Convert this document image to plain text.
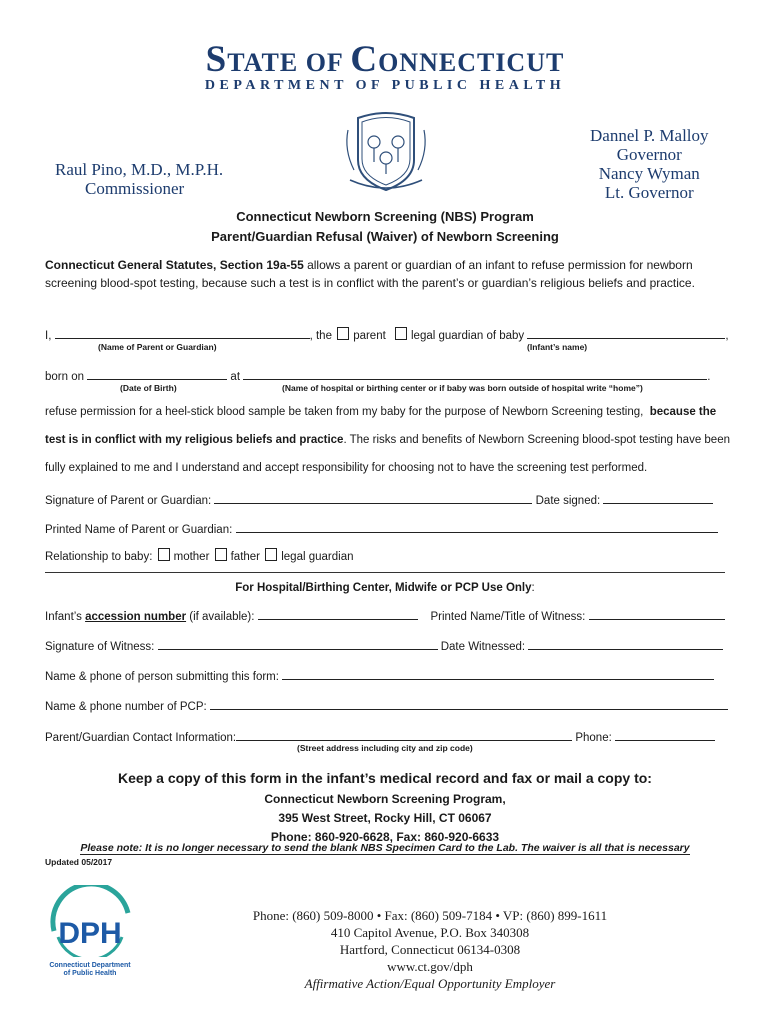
STATE OF CONNECTICUT
DEPARTMENT OF PUBLIC HEALTH
Raul Pino, M.D., M.P.H.
Commissioner
Dannel P. Malloy
Governor
Nancy Wyman
Lt. Governor
Connecticut Newborn Screening (NBS) Program
Parent/Guardian Refusal (Waiver) of Newborn Screening
Connecticut General Statutes, Section 19a-55 allows a parent or guardian of an infant to refuse permission for newborn screening blood-spot testing, because such a test is in conflict with the parent’s or guardian’s religious beliefs and practice.
I,	, the parent legal guardian of baby	,
(Name of Parent or Guardian)	(Infant’s name)
born on	at	.
(Date of Birth)	(Name of hospital or birthing center or if baby was born outside of hospital write “home”)
refuse permission for a heel-stick blood sample be taken from my baby for the purpose of Newborn Screening testing, because the
test is in conflict with my religious beliefs and practice. The risks and benefits of Newborn Screening blood-spot testing have been
fully explained to me and I understand and accept responsibility for choosing not to have the screening test performed.
Signature of Parent or Guardian:	Date signed:
Printed Name of Parent or Guardian:
Relationship to baby: mother father legal guardian
For Hospital/Birthing Center, Midwife or PCP Use Only:
Infant’s accession number (if available):	Printed Name/Title of Witness:
Signature of Witness:	Date Witnessed:
Name & phone of person submitting this form:
Name & phone number of PCP:
Parent/Guardian Contact Information:	Phone:
(Street address including city and zip code)
Keep a copy of this form in the infant’s medical record and fax or mail a copy to:
Connecticut Newborn Screening Program,
395 West Street, Rocky Hill, CT 06067
Phone: 860-920-6628, Fax: 860-920-6633
Please note: It is no longer necessary to send the blank NBS Specimen Card to the Lab. The waiver is all that is necessary
Updated 05/2017
DPH
Connecticut Department
of Public Health
Phone: (860) 509-8000 • Fax: (860) 509-7184 • VP: (860) 899-1611
410 Capitol Avenue, P.O. Box 340308
Hartford, Connecticut 06134-0308
www.ct.gov/dph
Affirmative Action/Equal Opportunity Employer
